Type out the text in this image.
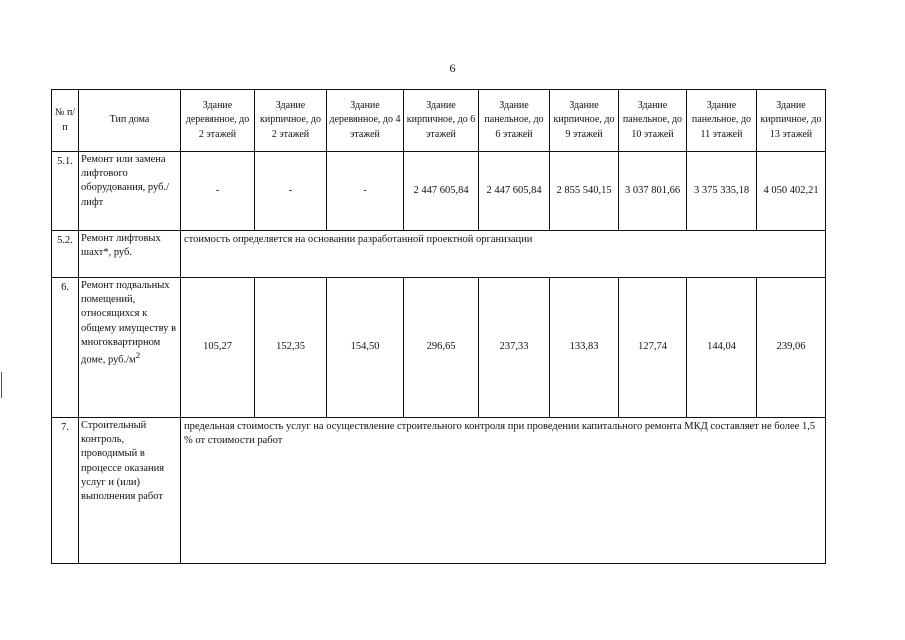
6
№ п/п	Тип дома	Здание деревянное, до 2 этажей	Здание кирпичное, до 2 этажей	Здание деревянное, до 4 этажей	Здание кирпичное, до 6 этажей	Здание панельное, до 6 этажей	Здание кирпичное, до 9 этажей	Здание панельное, до 10 этажей	Здание панельное, до 11 этажей	Здание кирпичное, до 13 этажей
5.1.	Ремонт или замена лифтового оборудования, руб./лифт	-	-	-	2 447 605,84	2 447 605,84	2 855 540,15	3 037 801,66	3 375 335,18	4 050 402,21
5.2.	Ремонт лифтовых шахт*, руб.	стоимость определяется на основании разработанной проектной организации								
6.	Ремонт подвальных помещений, относящихся к общему имуществу в многоквартирном доме, $руб./м^2$	105,27	152,35	154,50	296,65	237,33	133,83	127,74	144,04	239,06
7.	Строительный контроль, проводимый в процессе оказания услуг и (или) выполнения работ	предельная стоимость услуг на осуществление строительного контроля при проведении капитального ремонта МКД составляет не более 1,5 % от стоимости работ								
